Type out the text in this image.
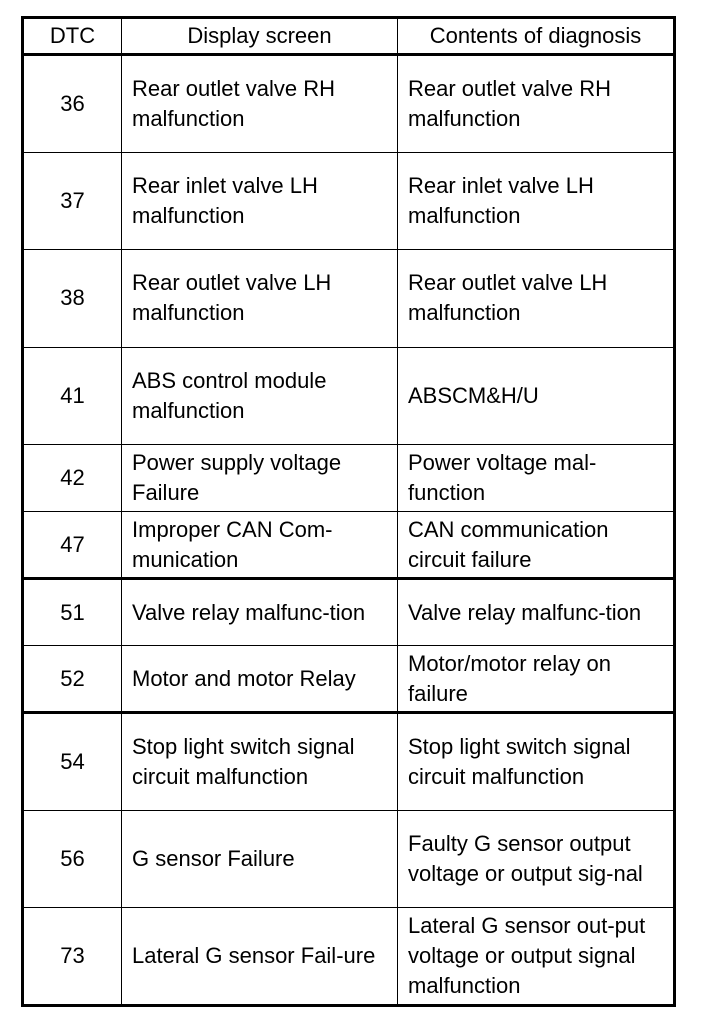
DTC	Display screen	Contents of diagnosis
36	Rear outlet valve RH malfunction	Rear outlet valve RH malfunction
37	Rear inlet valve LH malfunction	Rear inlet valve LH malfunction
38	Rear outlet valve LH malfunction	Rear outlet valve LH malfunction
41	ABS control module malfunction	ABSCM&H/U
42	Power supply voltage Failure	Power voltage mal-function
47	Improper CAN Com-munication	CAN communication circuit failure
51	Valve relay malfunc-tion	Valve relay malfunc-tion
52	Motor and motor Relay	Motor/motor relay on failure
54	Stop light switch signal circuit malfunction	Stop light switch signal circuit malfunction
56	G sensor Failure	Faulty G sensor output voltage or output sig-nal
73	Lateral G sensor Fail-ure	Lateral G sensor out-put voltage or output signal malfunction
